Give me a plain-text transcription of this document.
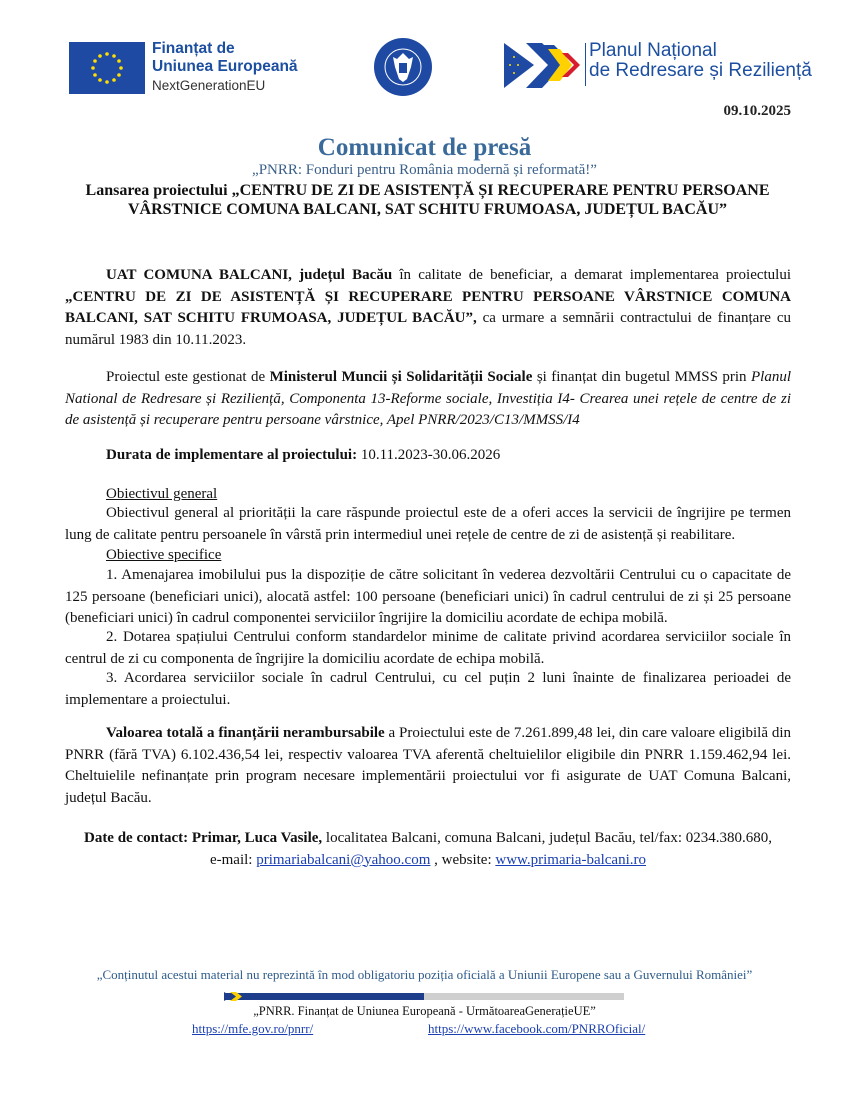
Finanțat de
Uniunea Europeană
NextGenerationEU
Planul Național
de Redresare și Reziliență
09.10.2025
Comunicat de presă
„PNRR: Fonduri pentru România modernă și reformată!”
Lansarea proiectului „CENTRU DE ZI DE ASISTENȚĂ ȘI RECUPERARE PENTRU PERSOANE VÂRSTNICE COMUNA BALCANI, SAT SCHITU FRUMOASA, JUDEȚUL BACĂU”
UAT COMUNA BALCANI, județul Bacău în calitate de beneficiar, a demarat implementarea proiectului „CENTRU DE ZI DE ASISTENȚĂ ȘI RECUPERARE PENTRU PERSOANE VÂRSTNICE COMUNA BALCANI, SAT SCHITU FRUMOASA, JUDEȚUL BACĂU”, ca urmare a semnării contractului de finanțare cu numărul 1983 din 10.11.2023.
Proiectul este gestionat de Ministerul Muncii și Solidarității Sociale și finanțat din bugetul MMSS prin Planul National de Redresare și Reziliență, Componenta 13-Reforme sociale, Investiția I4- Crearea unei rețele de centre de zi de asistență și recuperare pentru persoane vârstnice, Apel PNRR/2023/C13/MMSS/I4
Durata de implementare al proiectului: 10.11.2023-30.06.2026
Obiectivul general
Obiectivul general al priorității la care răspunde proiectul este de a oferi acces la servicii de îngrijire pe termen lung de calitate pentru persoanele în vârstă prin intermediul unei rețele de centre de zi de asistență și reabilitare.
Obiective specifice
1. Amenajarea imobilului pus la dispoziție de către solicitant în vederea dezvoltării Centrului cu o capacitate de 125 persoane (beneficiari unici), alocată astfel: 100 persoane (beneficiari unici) în cadrul centrului de zi și 25 persoane (beneficiari unici) în cadrul componentei serviciilor îngrijire la domiciliu acordate de echipa mobilă.
2. Dotarea spațiului Centrului conform standardelor minime de calitate privind acordarea serviciilor sociale în centrul de zi cu componenta de îngrijire la domiciliu acordate de echipa mobilă.
3. Acordarea serviciilor sociale în cadrul Centrului, cu cel puțin 2 luni înainte de finalizarea perioadei de implementare a proiectului.
Valoarea totală a finanțării nerambursabile a Proiectului este de 7.261.899,48 lei, din care valoare eligibilă din PNRR (fără TVA) 6.102.436,54 lei, respectiv valoarea TVA aferentă cheltuielilor eligibile din PNRR 1.159.462,94 lei. Cheltuielile nefinanțate prin program necesare implementării proiectului vor fi asigurate de UAT Comuna Balcani, județul Bacău.
Date de contact: Primar, Luca Vasile, localitatea Balcani, comuna Balcani, județul Bacău, tel/fax: 0234.380.680,
e-mail: primariabalcani@yahoo.com , website: www.primaria-balcani.ro
„Conținutul acestui material nu reprezintă în mod obligatoriu poziția oficială a Uniunii Europene sau a Guvernului României”
„PNRR. Finanțat de Uniunea Europeană - UrmătoareaGenerațieUE”
https://mfe.gov.ro/pnrr/	https://www.facebook.com/PNRROficial/
